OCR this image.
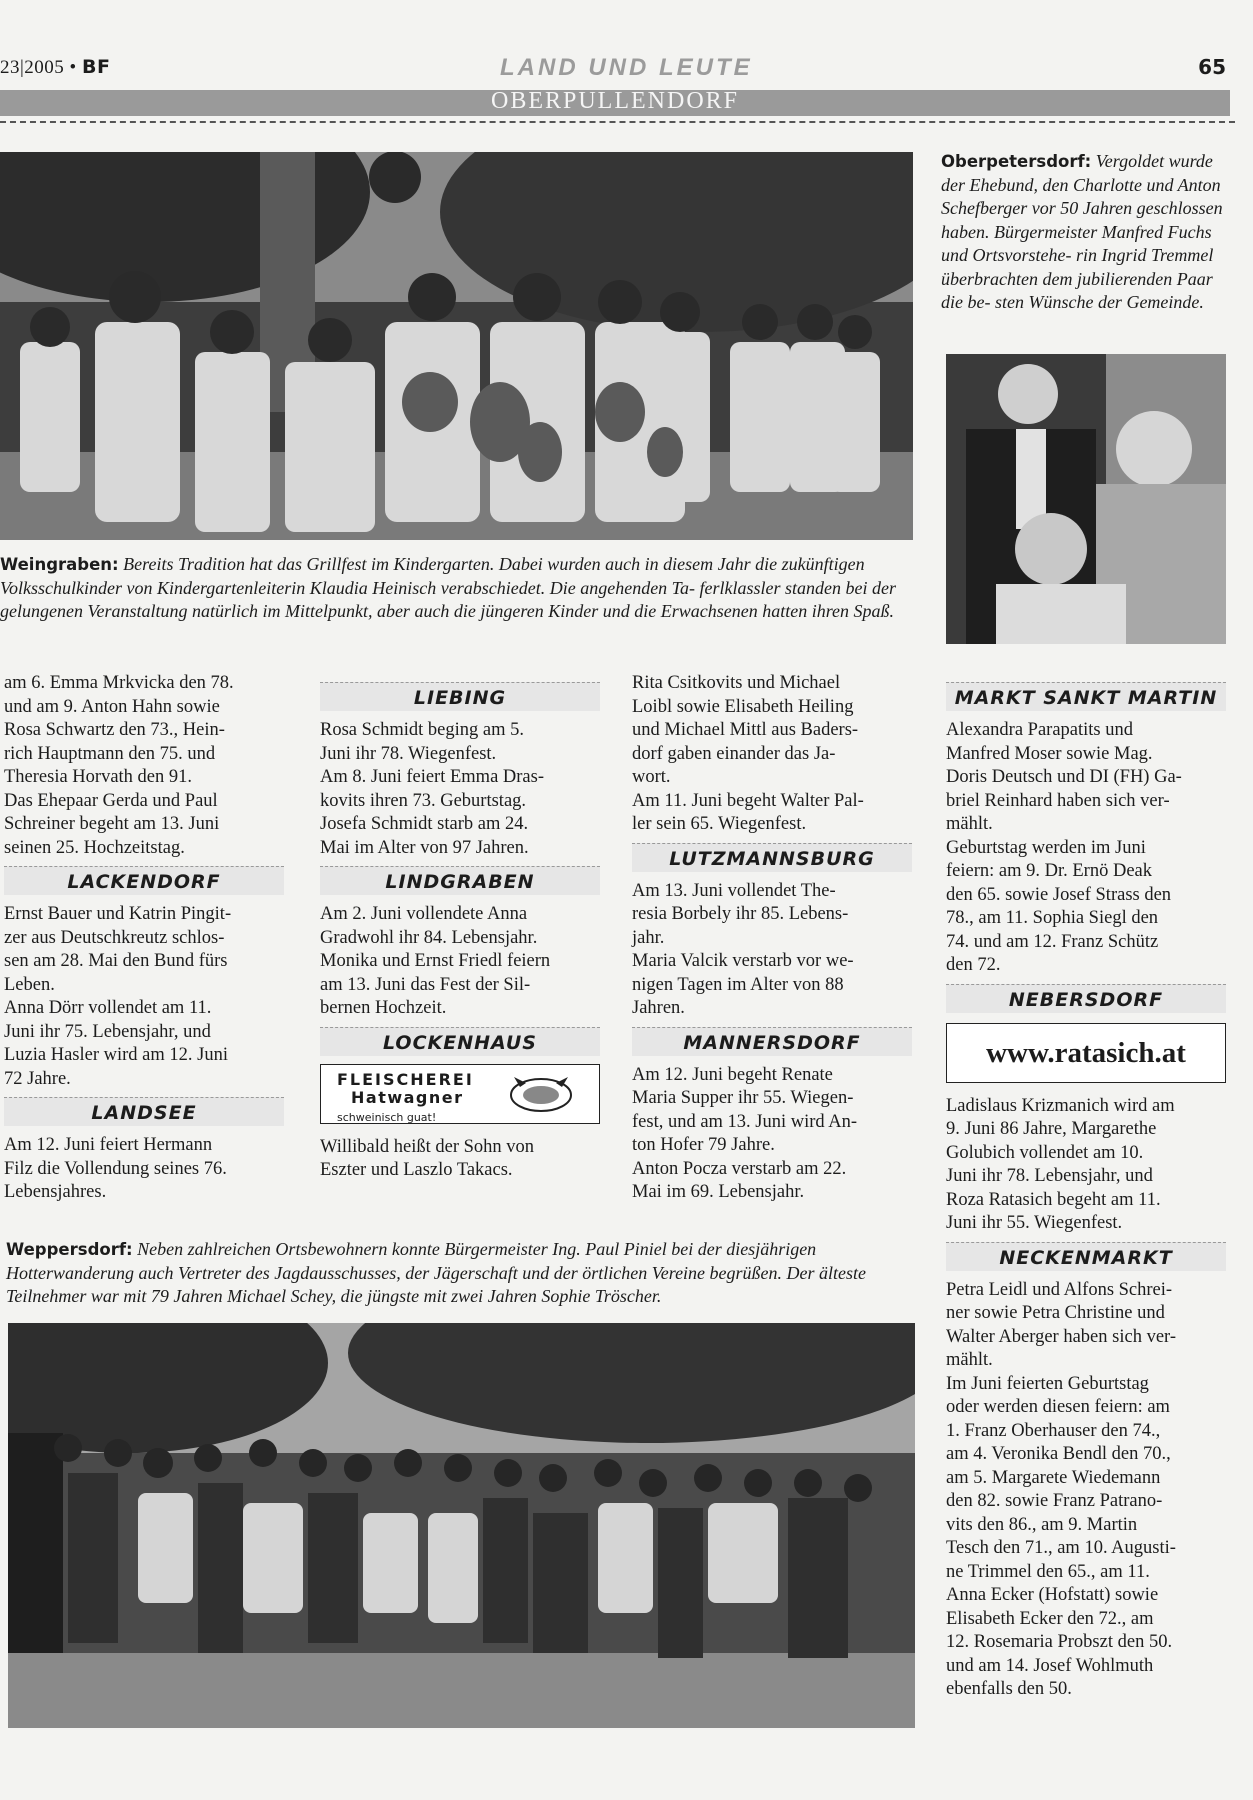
23|2005 • BF	LAND UND LEUTE	65
OBERPULLENDORF
Oberpetersdorf: Vergoldet wurde der Ehebund, den Charlotte und Anton Schefberger vor 50 Jahren geschlossen haben. Bürgermeister Manfred Fuchs und Ortsvorstehe- rin Ingrid Tremmel überbrachten dem jubilierenden Paar die be- sten Wünsche der Gemeinde.
Weingraben: Bereits Tradition hat das Grillfest im Kindergarten. Dabei wurden auch in diesem Jahr die zukünftigen Volksschulkinder von Kindergartenleiterin Klaudia Heinisch verabschiedet. Die angehenden Ta- ferlklassler standen bei der gelungenen Veranstaltung natürlich im Mittelpunkt, aber auch die jüngeren Kinder und die Erwachsenen hatten ihren Spaß.

am 6. Emma Mrkvicka den 78.

und am 9. Anton Hahn sowie

Rosa Schwartz den 73., Hein-

rich Hauptmann den 75. und

Theresia Horvath den 91.

Das Ehepaar Gerda und Paul

Schreiner begeht am 13. Juni

seinen 25. Hochzeitstag.

LACKENDORF

Ernst Bauer und Katrin Pingit-

zer aus Deutschkreutz schlos-

sen am 28. Mai den Bund fürs

Leben.

Anna Dörr vollendet am 11.

Juni ihr 75. Lebensjahr, und

Luzia Hasler wird am 12. Juni

72 Jahre.

LANDSEE

Am 12. Juni feiert Hermann

Filz die Vollendung seines 76.

Lebensjahres.

LIEBING

Rosa Schmidt begin​g am 5.

Juni ihr 78. Wiegenfest.

Am 8. Juni feiert Emma Dras-

kovits ihren 73. Geburtstag.

Josefa Schmidt starb am 24.

Mai im Alter von 97 Jahren.

LINDGRABEN

Am 2. Juni vollendete Anna

Gradwohl ihr 84. Lebensjahr.

Monika und Ernst Friedl feiern

am 13. Juni das Fest der Sil-

bernen Hochzeit.

LOCKENHAUS
FLEISCHEREI
Hatwagner
schweinisch guat!

Willibald heißt der Sohn von

Eszter und Laszlo Takacs.

Rita Csitkovits und Michael

Loibl sowie Elisabeth Heiling

und Michael Mittl aus Baders-

dorf gaben einander das Ja-

wort.

Am 11. Juni begeht Walter Pal-

ler sein 65. Wiegenfest.

LUTZMANNSBURG

Am 13. Juni vollendet The-

resia Borbely ihr 85. Lebens-

jahr.

Maria Valcik verstarb vor we-

nigen Tagen im Alter von 88

Jahren.

MANNERSDORF

Am 12. Juni begeht Renate

Maria Supper ihr 55. Wiegen-

fest, und am 13. Juni wird An-

ton Hofer 79 Jahre.

Anton Pocza verstarb am 22.

Mai im 69. Lebensjahr.

MARKT SANKT MARTIN

Alexandra Parapatits und

Manfred Moser sowie Mag.

Doris Deutsch und DI (FH) Ga-

briel Reinhard haben sich ver-

mählt.

Geburtstag werden im Juni

feiern: am 9. Dr. Ernö Deak

den 65. sowie Josef Strass den

78., am 11. Sophia Siegl den

74. und am 12. Franz Schütz

den 72.

NEBERSDORF
www.ratasich.at

Ladislaus Krizmanich wird am

9. Juni 86 Jahre, Margarethe

Golubich vollendet am 10.

Juni ihr 78. Lebensjahr, und

Roza Ratasich begeht am 11.

Juni ihr 55. Wiegenfest.

NECKENMARKT

Petra Leidl und Alfons Schrei-

ner sowie Petra Christine und

Walter Aberger haben sich ver-

mählt.

Im Juni feierten Geburtstag

oder werden diesen feiern: am

1. Franz Oberhauser den 74.,

am 4. Veronika Bendl den 70.,

am 5. Margarete Wiedemann

den 82. sowie Franz Patrano-

vits den 86., am 9. Martin

Tesch den 71., am 10. Augusti-

ne Trimmel den 65., am 11.

Anna Ecker (Hofstatt) sowie

Elisabeth Ecker den 72., am

12. Rosemaria Probszt den 50.

und am 14. Josef Wohlmuth

ebenfalls den 50.

Weppersdorf: Neben zahlreichen Ortsbewohnern konnte Bürgermeister Ing. Paul Piniel bei der diesjährigen Hotterwanderung auch Vertreter des Jagdausschusses, der Jägerschaft und der örtlichen Vereine begrüßen. Der älteste Teilnehmer war mit 79 Jahren Michael Schey, die jüngste mit zwei Jahren Sophie Tröscher.
